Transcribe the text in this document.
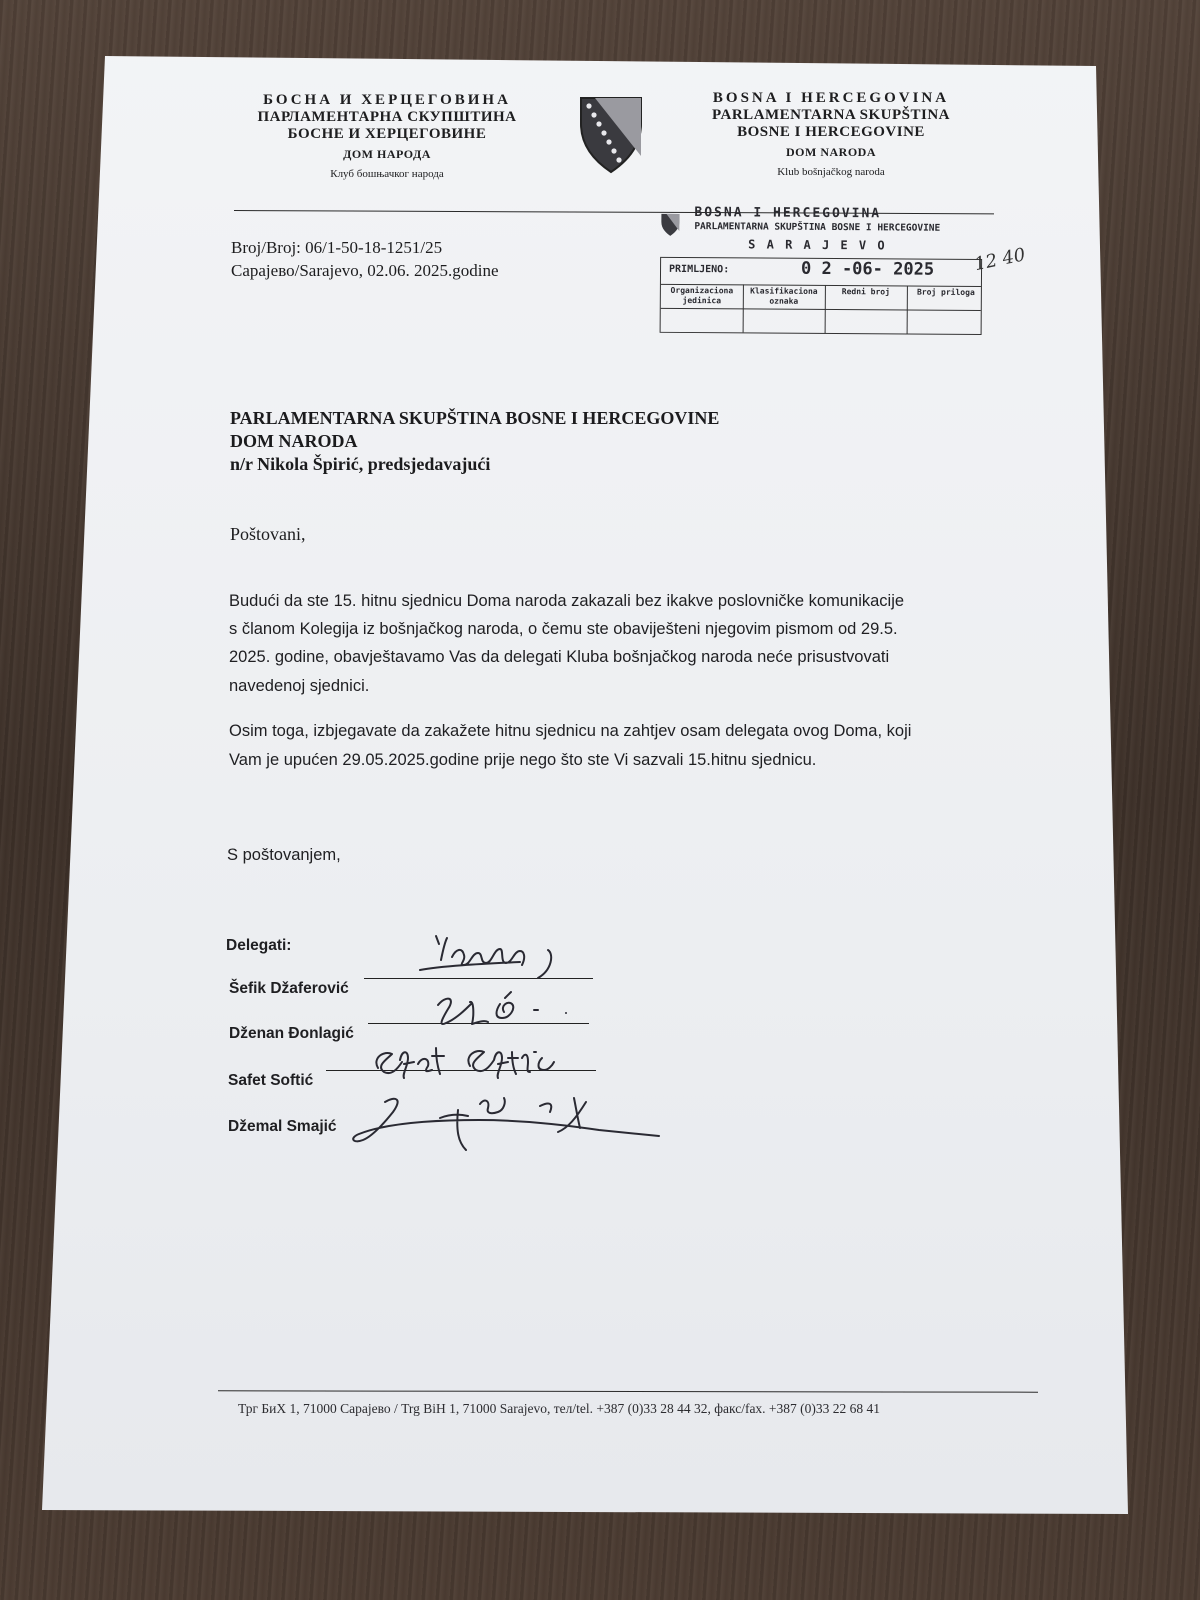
БОСНА И ХЕРЦЕГОВИНА
ПАРЛАМЕНТАРНА СКУПШТИНА
БОСНЕ И ХЕРЦЕГОВИНЕ
ДОМ НАРОДА
Клуб бошњачког народа
BOSNA I HERCEGOVINA
PARLAMENTARNA SKUPŠTINA
BOSNE I HERCEGOVINE
DOM NARODA
Klub bošnjačkog naroda
Broj/Broj: 06/1-50-18-1251/25
Сарајево/Sarajevo, 02.06. 2025.godine
BOSNA I HERCEGOVINA
PARLAMENTARNA SKUPŠTINA BOSNE I HERCEGOVINE
S A R A J E V O
PRIMLJENO:	0 2 -06- 2025
Organizaciona jedinica
Klasifikaciona oznaka
Redni broj	Broj priloga
12 40
PARLAMENTARNA SKUPŠTINA BOSNE I HERCEGOVINE
DOM NARODA
n/r Nikola Špirić, predsjedavajući
Poštovani,
Budući da ste 15. hitnu sjednicu Doma naroda zakazali bez ikakve poslovničke komunikacije
s članom Kolegija iz bošnjačkog naroda, o čemu ste obaviješteni njegovim pismom od 29.5.
2025. godine, obavještavamo Vas da delegati Kluba bošnjačkog naroda neće prisustvovati
navedenoj sjednici.
Osim toga, izbjegavate da zakažete hitnu sjednicu na zahtjev osam delegata ovog Doma, koji
Vam je upućen 29.05.2025.godine prije nego što ste Vi sazvali 15.hitnu sjednicu.
S poštovanjem,
Delegati:
Šefik Džaferović
Dženan Đonlagić
Safet Softić
Džemal Smajić
Трг БиХ 1, 71000 Сарајево / Trg BiH 1, 71000 Sarajevo, тел/tel. +387 (0)33 28 44 32, факс/fax. +387 (0)33 22 68 41
